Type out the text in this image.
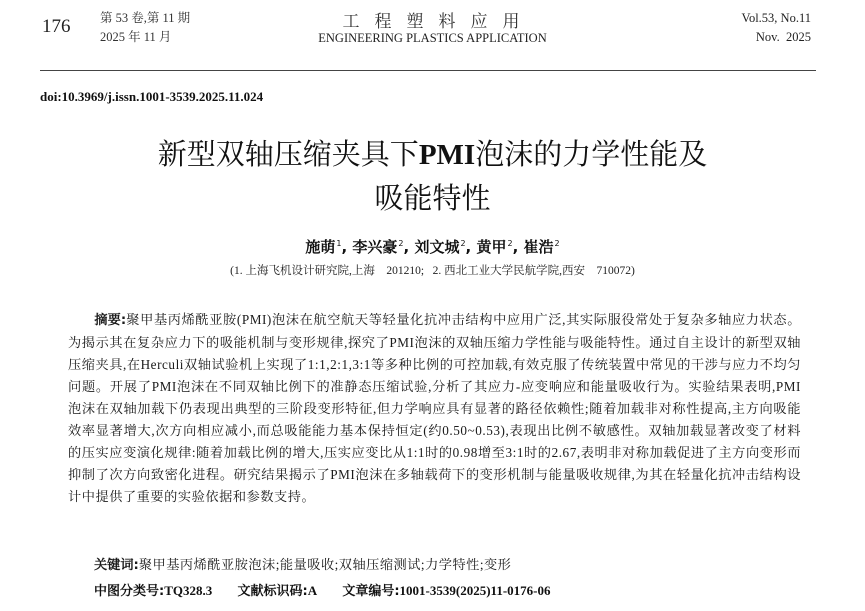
176 第 53 卷,第 11 期
2025 年 11 月
工程塑料应用
ENGINEERING PLASTICS APPLICATION
Vol.53, No.11
Nov.  2025
doi:10.3969/j.issn.1001-3539.2025.11.024
新型双轴压缩夹具下PMI泡沫的力学性能及
吸能特性
施萌$^1$, 李兴豪$^2$, 刘文城$^2$, 黄甲$^2$, 崔浩$^2$
(1. 上海飞机设计研究院,上海    201210;   2. 西北工业大学民航学院,西安    710072)
摘要:聚甲基丙烯酰亚胺(PMI)泡沫在航空航天等轻量化抗冲击结构中应用广泛,其实际服役常处于复杂多轴应力状态。为揭示其在复杂应力下的吸能机制与变形规律,探究了PMI泡沫的双轴压缩力学性能与吸能特性。通过自主设计的新型双轴压缩夹具,在Herculi双轴试验机上实现了1:1,2:1,3:1等多种比例的可控加载,有效克服了传统装置中常见的干涉与应力不均匀问题。开展了PMI泡沫在不同双轴比例下的准静态压缩试验,分析了其应力-应变响应和能量吸收行为。实验结果表明,PMI泡沫在双轴加载下仍表现出典型的三阶段变形特征,但力学响应具有显著的路径依赖性;随着加载非对称性提高,主方向吸能效率显著增大,次方向相应减小,而总吸能能力基本保持恒定(约0.50~0.53),表现出比例不敏感性。双轴加载显著改变了材料的压实应变演化规律:随着加载比例的增大,压实应变比从1:1时的0.98增至3:1时的2.67,表明非对称加载促进了主方向变形而抑制了次方向致密化进程。研究结果揭示了PMI泡沫在多轴载荷下的变形机制与能量吸收规律,为其在轻量化抗冲击结构设计中提供了重要的实验依据和参数支持。
关键词:聚甲基丙烯酰亚胺泡沫;能量吸收;双轴压缩测试;力学特性;变形
中图分类号:TQ328.3 文献标识码:A 文章编号:1001-3539(2025)11-0176-06
